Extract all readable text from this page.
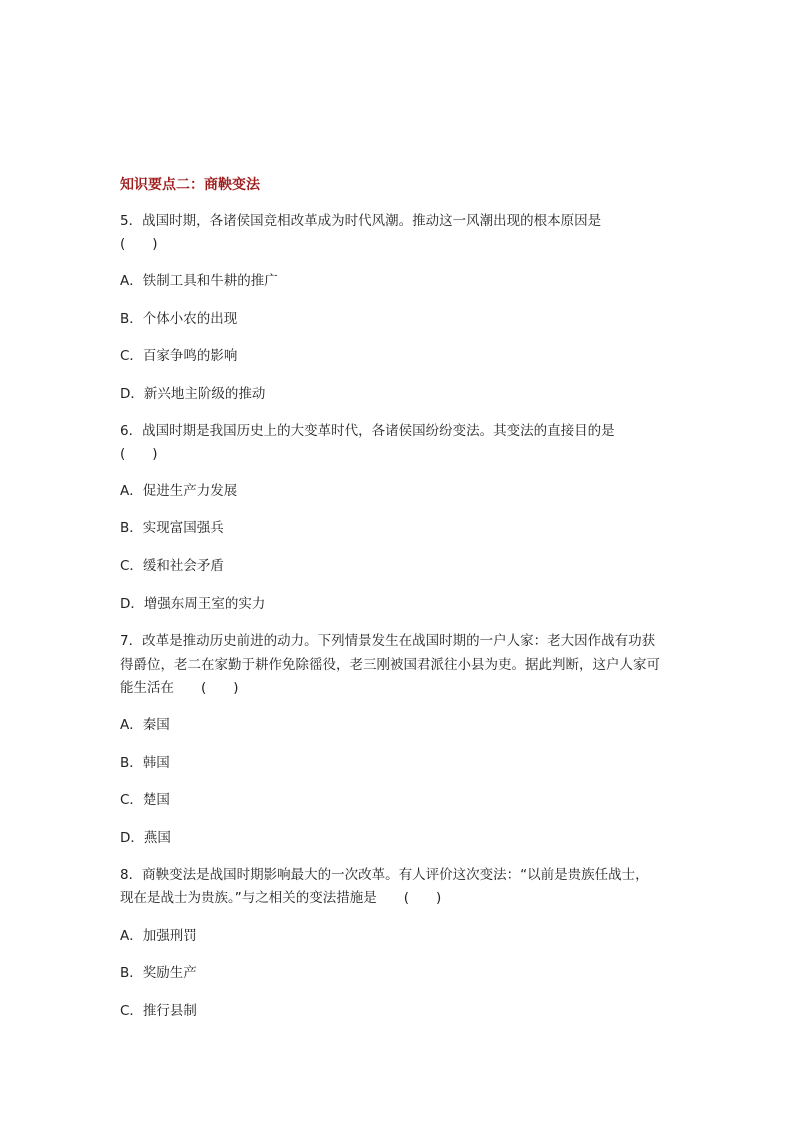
知识要点二：商鞅变法

5．战国时期，各诸侯国竞相改革成为时代风潮。推动这一风潮出现的根本原因是

(　　)

A．铁制工具和牛耕的推广

B．个体小农的出现

C．百家争鸣的影响

D．新兴地主阶级的推动

6．战国时期是我国历史上的大变革时代，各诸侯国纷纷变法。其变法的直接目的是

(　　)

A．促进生产力发展

B．实现富国强兵

C．缓和社会矛盾

D．增强东周王室的实力

7．改革是推动历史前进的动力。下列情景发生在战国时期的一户人家：老大因作战有功获

得爵位，老二在家勤于耕作免除徭役，老三刚被国君派往小县为吏。据此判断，这户人家可

能生活在　　(　　)

A．秦国

B．韩国

C．楚国

D．燕国

8．商鞅变法是战国时期影响最大的一次改革。有人评价这次变法：“以前是贵族任战士，

现在是战士为贵族。”与之相关的变法措施是　　(　　)

A．加强刑罚

B．奖励生产

C．推行县制
